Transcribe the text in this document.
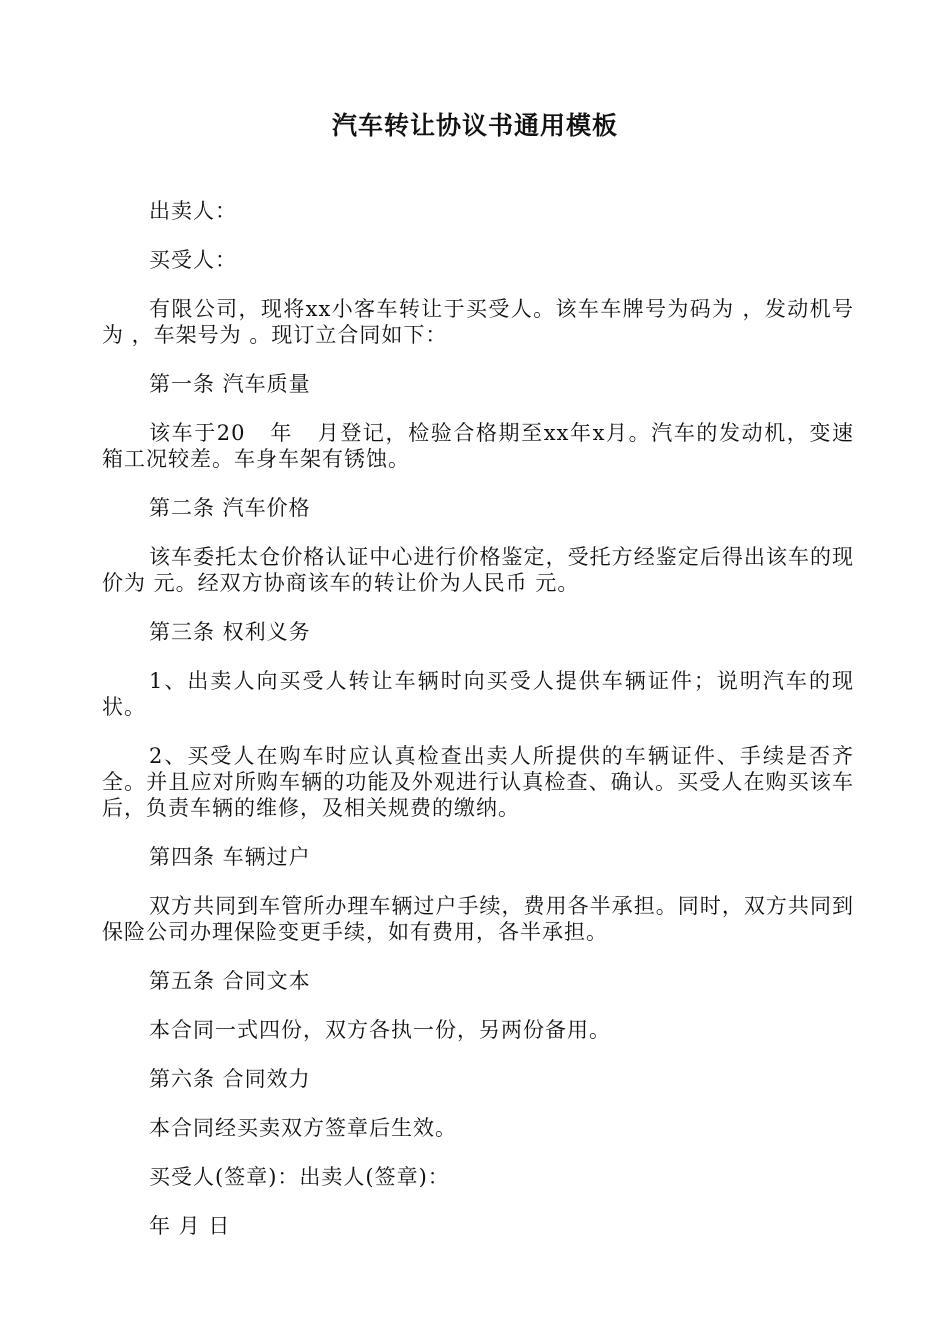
汽车转让协议书通用模板

出卖人：

买受人：

有限公司，现将xx小客车转让于买受人。该车车牌号为码为 ，发动机号为 ，车架号为 。现订立合同如下：

第一条 汽车质量

该车于20   年   月登记，检验合格期至xx年x月。汽车的发动机，变速箱工况较差。车身车架有锈蚀。

第二条 汽车价格

该车委托太仓价格认证中心进行价格鉴定，受托方经鉴定后得出该车的现价为 元。经双方协商该车的转让价为人民币 元。

第三条 权利义务

1、出卖人向买受人转让车辆时向买受人提供车辆证件；说明汽车的现状。

2、买受人在购车时应认真检查出卖人所提供的车辆证件、手续是否齐全。并且应对所购车辆的功能及外观进行认真检查、确认。买受人在购买该车后，负责车辆的维修，及相关规费的缴纳。

第四条 车辆过户

双方共同到车管所办理车辆过户手续，费用各半承担。同时，双方共同到保险公司办理保险变更手续，如有费用，各半承担。

第五条 合同文本

本合同一式四份，双方各执一份，另两份备用。

第六条 合同效力

本合同经买卖双方签章后生效。

买受人(签章)：出卖人(签章)：

年 月 日
